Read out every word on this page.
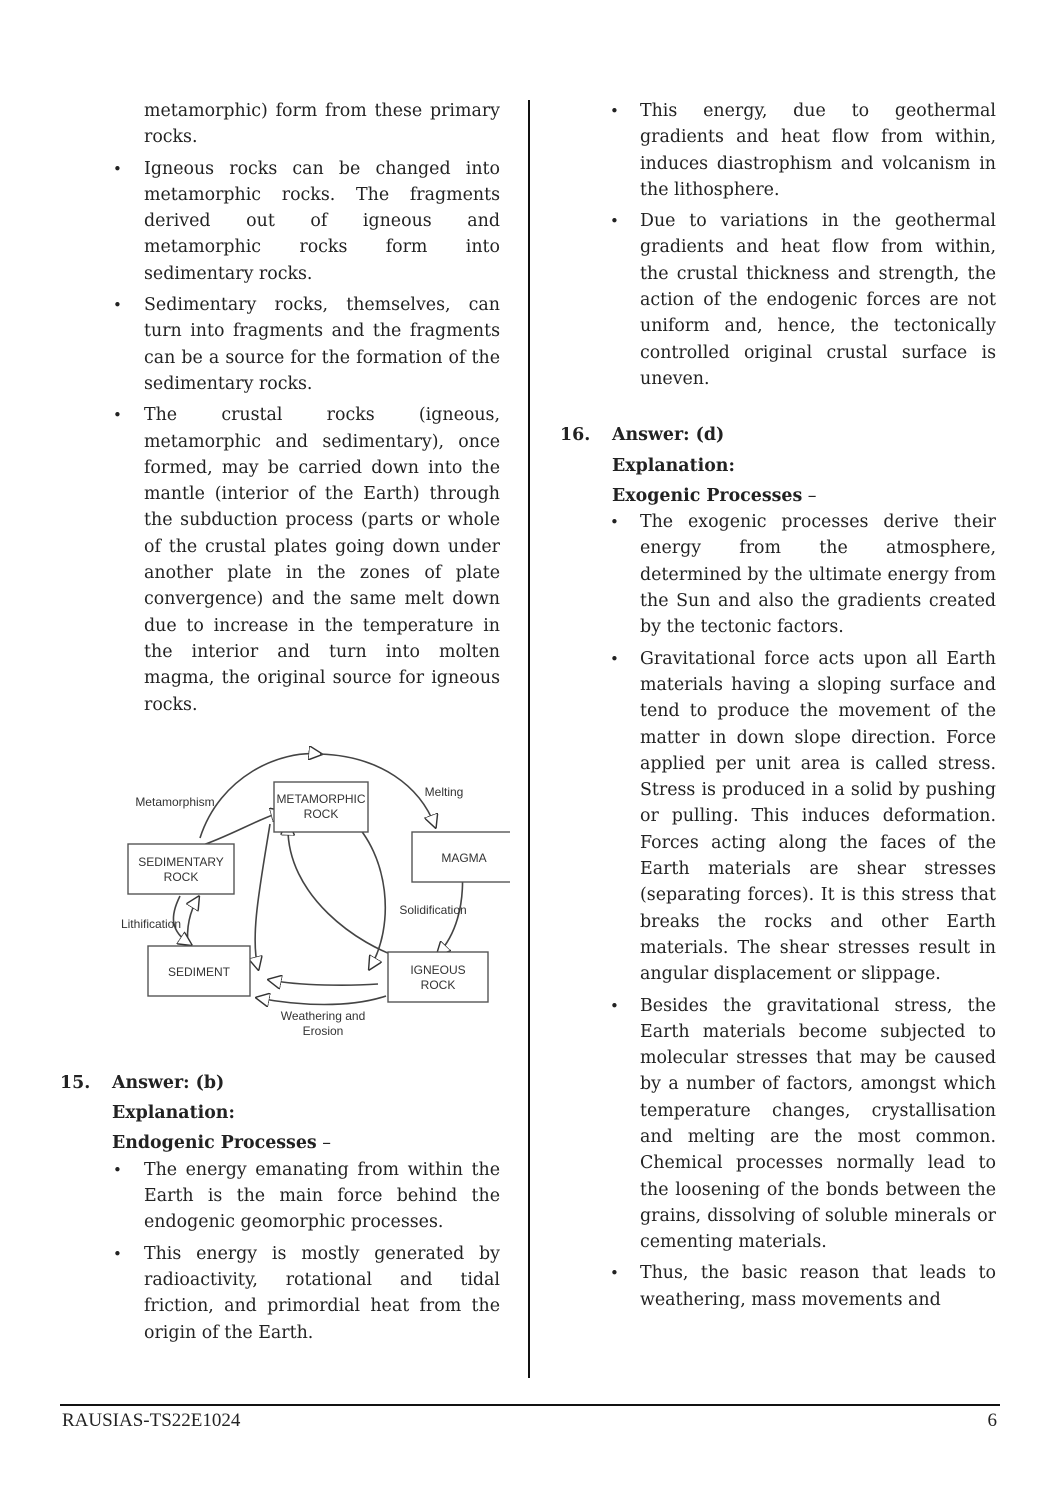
metamorphic) form from these primary rocks.
• Igneous rocks can be changed into metamorphic rocks. The fragments derived out of igneous and metamorphic rocks form into sedimentary rocks.
• Sedimentary rocks, themselves, can turn into fragments and the fragments can be a source for the formation of the sedimentary rocks.
• The crustal rocks (igneous, metamorphic and sedimentary), once formed, may be carried down into the mantle (interior of the Earth) through the subduction process (parts or whole of the crustal plates going down under another plate in the zones of plate convergence) and the same melt down due to increase in the temperature in the interior and turn into molten magma, the original source for igneous rocks.
METAMORPHIC
ROCK
MAGMA
SEDIMENTARY
ROCK
SEDIMENT	IGNEOUS
ROCK
Metamorphism
Melting
Solidification
Lithification
Weathering and
Erosion
15. Answer: (b)
Explanation:
Endogenic Processes –
• The energy emanating from within the Earth is the main force behind the endogenic geomorphic processes.
• This energy is mostly generated by radioactivity, rotational and tidal friction, and primordial heat from the origin of the Earth.
• This energy, due to geothermal gradients and heat flow from within, induces diastrophism and volcanism in the lithosphere.
• Due to variations in the geothermal gradients and heat flow from within, the crustal thickness and strength, the action of the endogenic forces are not uniform and, hence, the tectonically controlled original crustal surface is uneven.
16. Answer: (d)
Explanation:
Exogenic Processes –
• The exogenic processes derive their energy from the atmosphere, determined by the ultimate energy from the Sun and also the gradients created by the tectonic factors.
• Gravitational force acts upon all Earth materials having a sloping surface and tend to produce the movement of the matter in down slope direction. Force applied per unit area is called stress. Stress is produced in a solid by pushing or pulling. This induces deformation. Forces acting along the faces of the Earth materials are shear stresses (separating forces). It is this stress that breaks the rocks and other Earth materials. The shear stresses result in angular displacement or slippage.
• Besides the gravitational stress, the Earth materials become subjected to molecular stresses that may be caused by a number of factors, amongst which temperature changes, crystallisation and melting are the most common. Chemical processes normally lead to the loosening of the bonds between the grains, dissolving of soluble minerals or cementing materials.
• Thus, the basic reason that leads to weathering, mass movements and
RAUSIAS-TS22E1024	6
